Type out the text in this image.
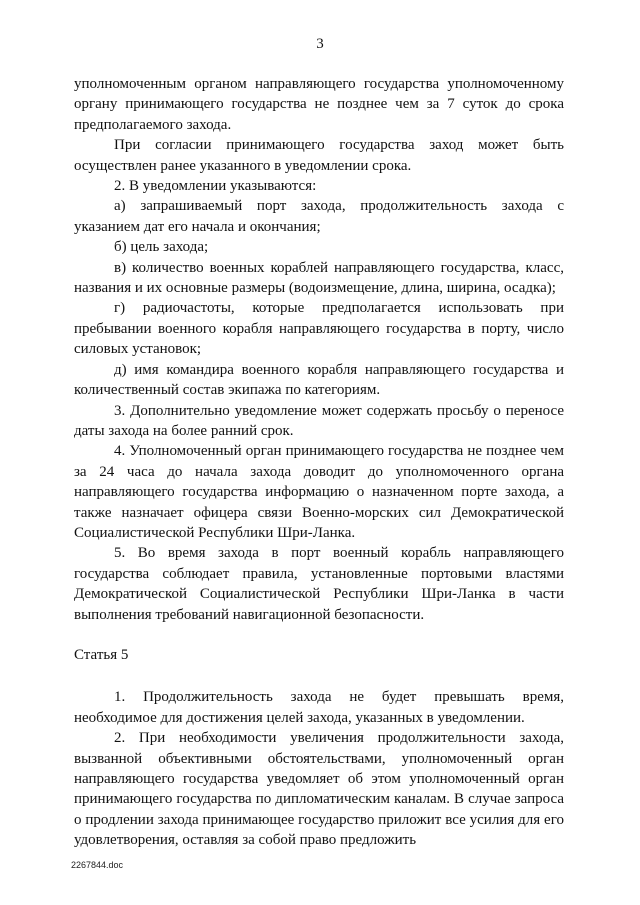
3

уполномоченным органом направляющего государства уполномоченному органу принимающего государства не позднее чем за 7 суток до срока предполагаемого захода.

При согласии принимающего государства заход может быть осуществлен ранее указанного в уведомлении срока.

2. В уведомлении указываются:

а) запрашиваемый порт захода, продолжительность захода с указанием дат его начала и окончания;

б) цель захода;

в) количество военных кораблей направляющего государства, класс, названия и их основные размеры (водоизмещение, длина, ширина, осадка);

г) радиочастоты, которые предполагается использовать при пребывании военного корабля направляющего государства в порту, число силовых установок;

д) имя командира военного корабля направляющего государства и количественный состав экипажа по категориям.

3. Дополнительно уведомление может содержать просьбу о переносе даты захода на более ранний срок.

4. Уполномоченный орган принимающего государства не позднее чем за 24 часа до начала захода доводит до уполномоченного органа направляющего государства информацию о назначенном порте захода, а также назначает офицера связи Военно-морских сил Демократической Социалистической Республики Шри-Ланка.

5. Во время захода в порт военный корабль направляющего государства соблюдает правила, установленные портовыми властями Демократической Социалистической Республики Шри-Ланка в части выполнения требований навигационной безопасности.

Статья 5

1. Продолжительность захода не будет превышать время, необходимое для достижения целей захода, указанных в уведомлении.

2. При необходимости увеличения продолжительности захода, вызванной объективными обстоятельствами, уполномоченный орган направляющего государства уведомляет об этом уполномоченный орган принимающего государства по дипломатическим каналам. В случае запроса о продлении захода принимающее государство приложит все усилия для его удовлетворения, оставляя за собой право предложить

2267844.doc
